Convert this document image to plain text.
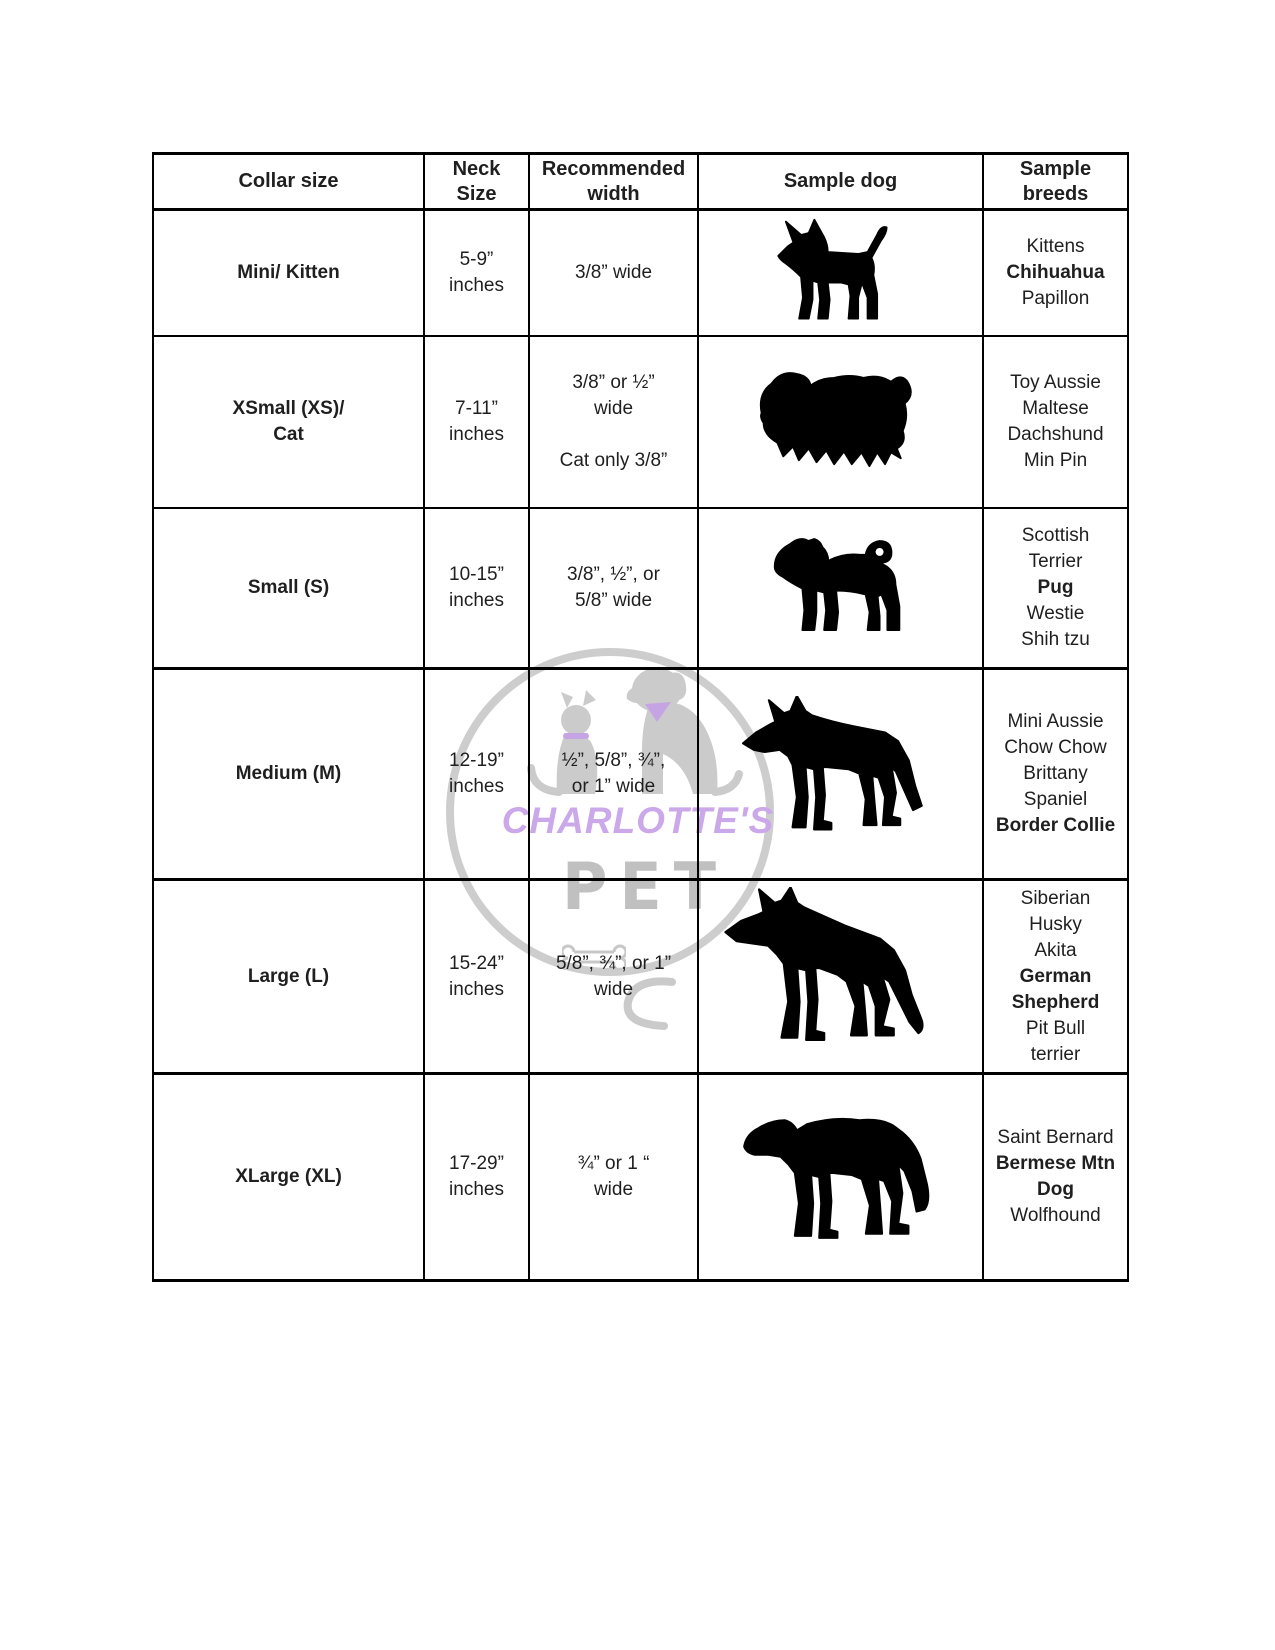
CHARLOTTE'S
PET
Collar size
Neck
Size
Recommended
width
Sample dog
Sample
breeds
Mini/ Kitten
5-9”
inches
3/8” wide
Kittens
Chihuahua
Papillon
XSmall (XS)/
Cat
7-11”
inches
3/8” or ½”
wide
Cat only 3/8”
Toy Aussie
Maltese
Dachshund
Min Pin
Small (S)
10-15”
inches
3/8”, ½”, or
5/8” wide
Scottish
Terrier
Pug
Westie
Shih tzu
Medium (M)
12-19”
inches
½”, 5/8”, ¾”,
or 1” wide
Mini Aussie
Chow Chow
Brittany
Spaniel
Border Collie
Large (L)
15-24”
inches
5/8”, ¾”, or 1”
wide
Siberian
Husky
Akita
German
Shepherd
Pit Bull
terrier
XLarge (XL)
17-29”
inches
¾” or 1 “
wide
Saint Bernard
Bermese Mtn
Dog
Wolfhound
